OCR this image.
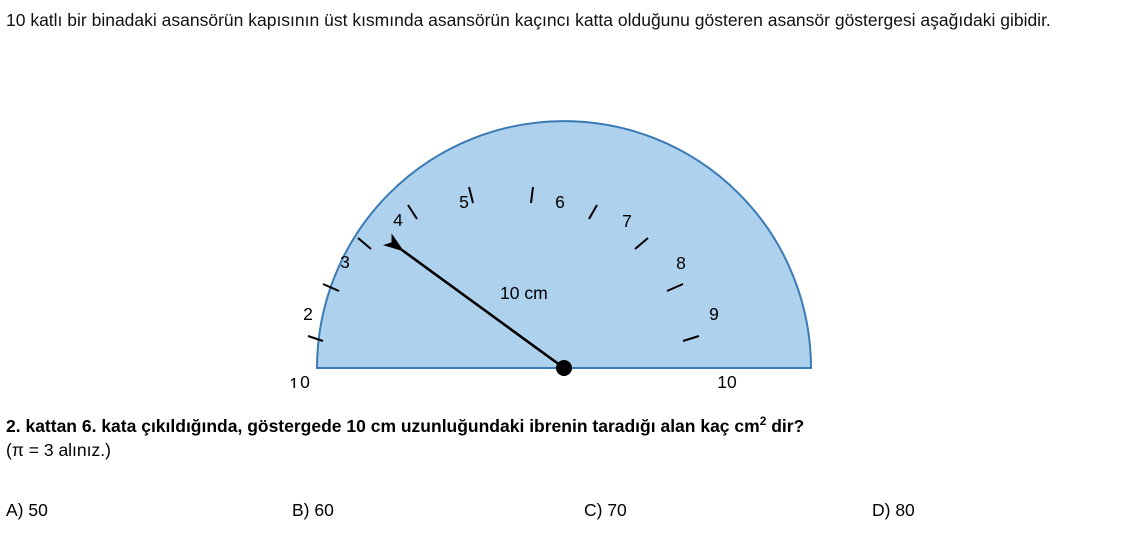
10 katlı bir binadaki asansörün kapısının üst kısmında asansörün kaçıncı katta olduğunu gösteren asansör göstergesi aşağıdaki gibidir.
0
1
2
3
4
5	6
7
8
9
10
10 cm
2. kattan 6. kata çıkıldığında, göstergede 10 cm uzunluğundaki ibrenin taradığı alan kaç $cm^2$ dir?
(π = 3 alınız.)
A) 50	B) 60	C) 70	D) 80
